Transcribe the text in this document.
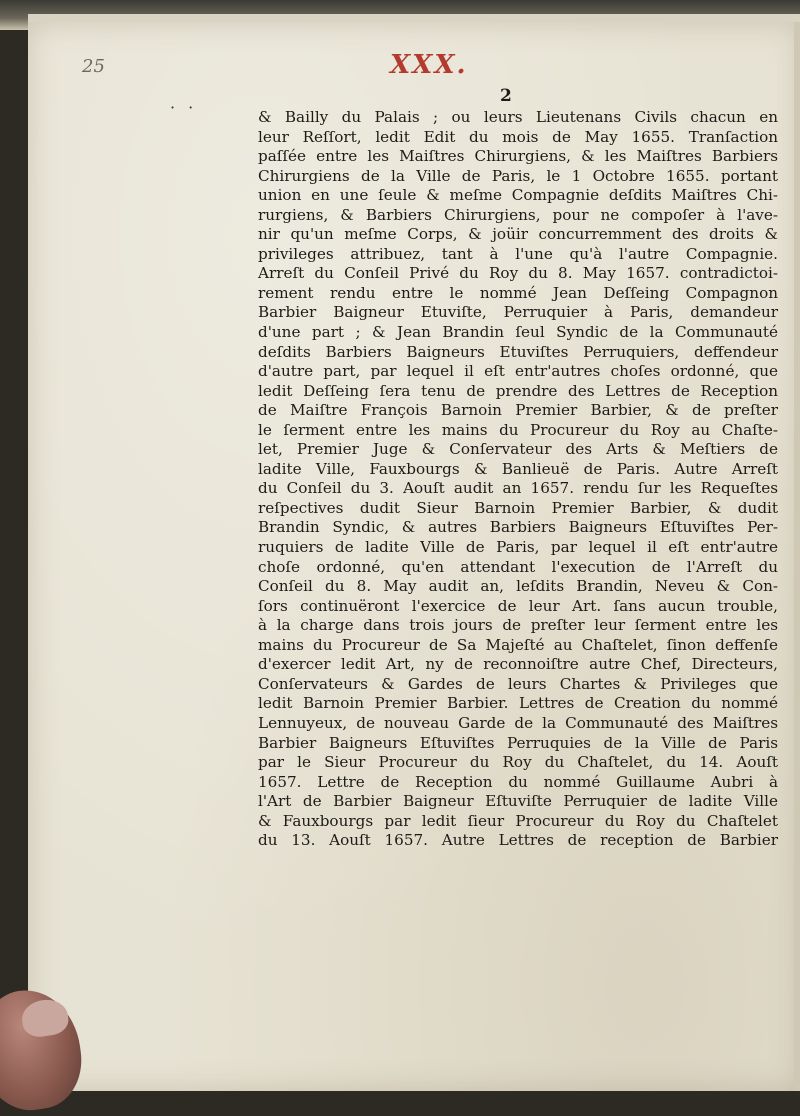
25	XXX.
· ·
2
& Bailly du Palais ; ou leurs Lieutenans Civils chacun en
leur Reſſort, ledit Edit du mois de May 1655. Tranſaction
paſſée entre les Maiſtres Chirurgiens, & les Maiſtres Barbiers
Chirurgiens de la Ville de Paris, le 1 Octobre 1655. portant
union en une ſeule & meſme Compagnie deſdits Maiſtres Chi-
rurgiens, & Barbiers Chirurgiens, pour ne compoſer à l'ave-
nir qu'un meſme Corps, & joüir concurremment des droits &
privileges attribuez, tant à l'une qu'à l'autre Compagnie.
Arreſt du Conſeil Privé du Roy du 8. May 1657. contradictoi-
rement rendu entre le nommé Jean Deſſeing Compagnon
Barbier Baigneur Etuviſte, Perruquier à Paris, demandeur
d'une part ; & Jean Brandin ſeul Syndic de la Communauté
deſdits Barbiers Baigneurs Etuviſtes Perruquiers, deffendeur
d'autre part, par lequel il eſt entr'autres choſes ordonné, que
ledit Deſſeing ſera tenu de prendre des Lettres de Reception
de Maiſtre François Barnoin Premier Barbier, & de preſter
le ſerment entre les mains du Procureur du Roy au Chaſte-
let, Premier Juge & Conſervateur des Arts & Meſtiers de
ladite Ville, Fauxbourgs & Banlieuë de Paris. Autre Arreſt
du Conſeil du 3. Aouſt audit an 1657. rendu ſur les Requeſtes
reſpectives dudit Sieur Barnoin Premier Barbier, & dudit
Brandin Syndic, & autres Barbiers Baigneurs Eſtuviſtes Per-
ruquiers de ladite Ville de Paris, par lequel il eſt entr'autre
choſe ordonné, qu'en attendant l'execution de l'Arreſt du
Conſeil du 8. May audit an, leſdits Brandin, Neveu & Con-
ſors continuëront l'exercice de leur Art. ſans aucun trouble,
à la charge dans trois jours de preſter leur ſerment entre les
mains du Procureur de Sa Majeſté au Chaſtelet, ſinon deffenſe
d'exercer ledit Art, ny de reconnoiſtre autre Chef, Directeurs,
Conſervateurs & Gardes de leurs Chartes & Privileges que
ledit Barnoin Premier Barbier. Lettres de Creation du nommé
Lennuyeux, de nouveau Garde de la Communauté des Maiſtres
Barbier Baigneurs Eſtuviſtes Perruquies de la Ville de Paris
par le Sieur Procureur du Roy du Chaſtelet, du 14. Aouſt
1657. Lettre de Reception du nommé Guillaume Aubri à
l'Art de Barbier Baigneur Eſtuviſte Perruquier de ladite Ville
& Fauxbourgs par ledit ſieur Procureur du Roy du Chaſtelet
du 13. Aouſt 1657. Autre Lettres de reception de Barbier
